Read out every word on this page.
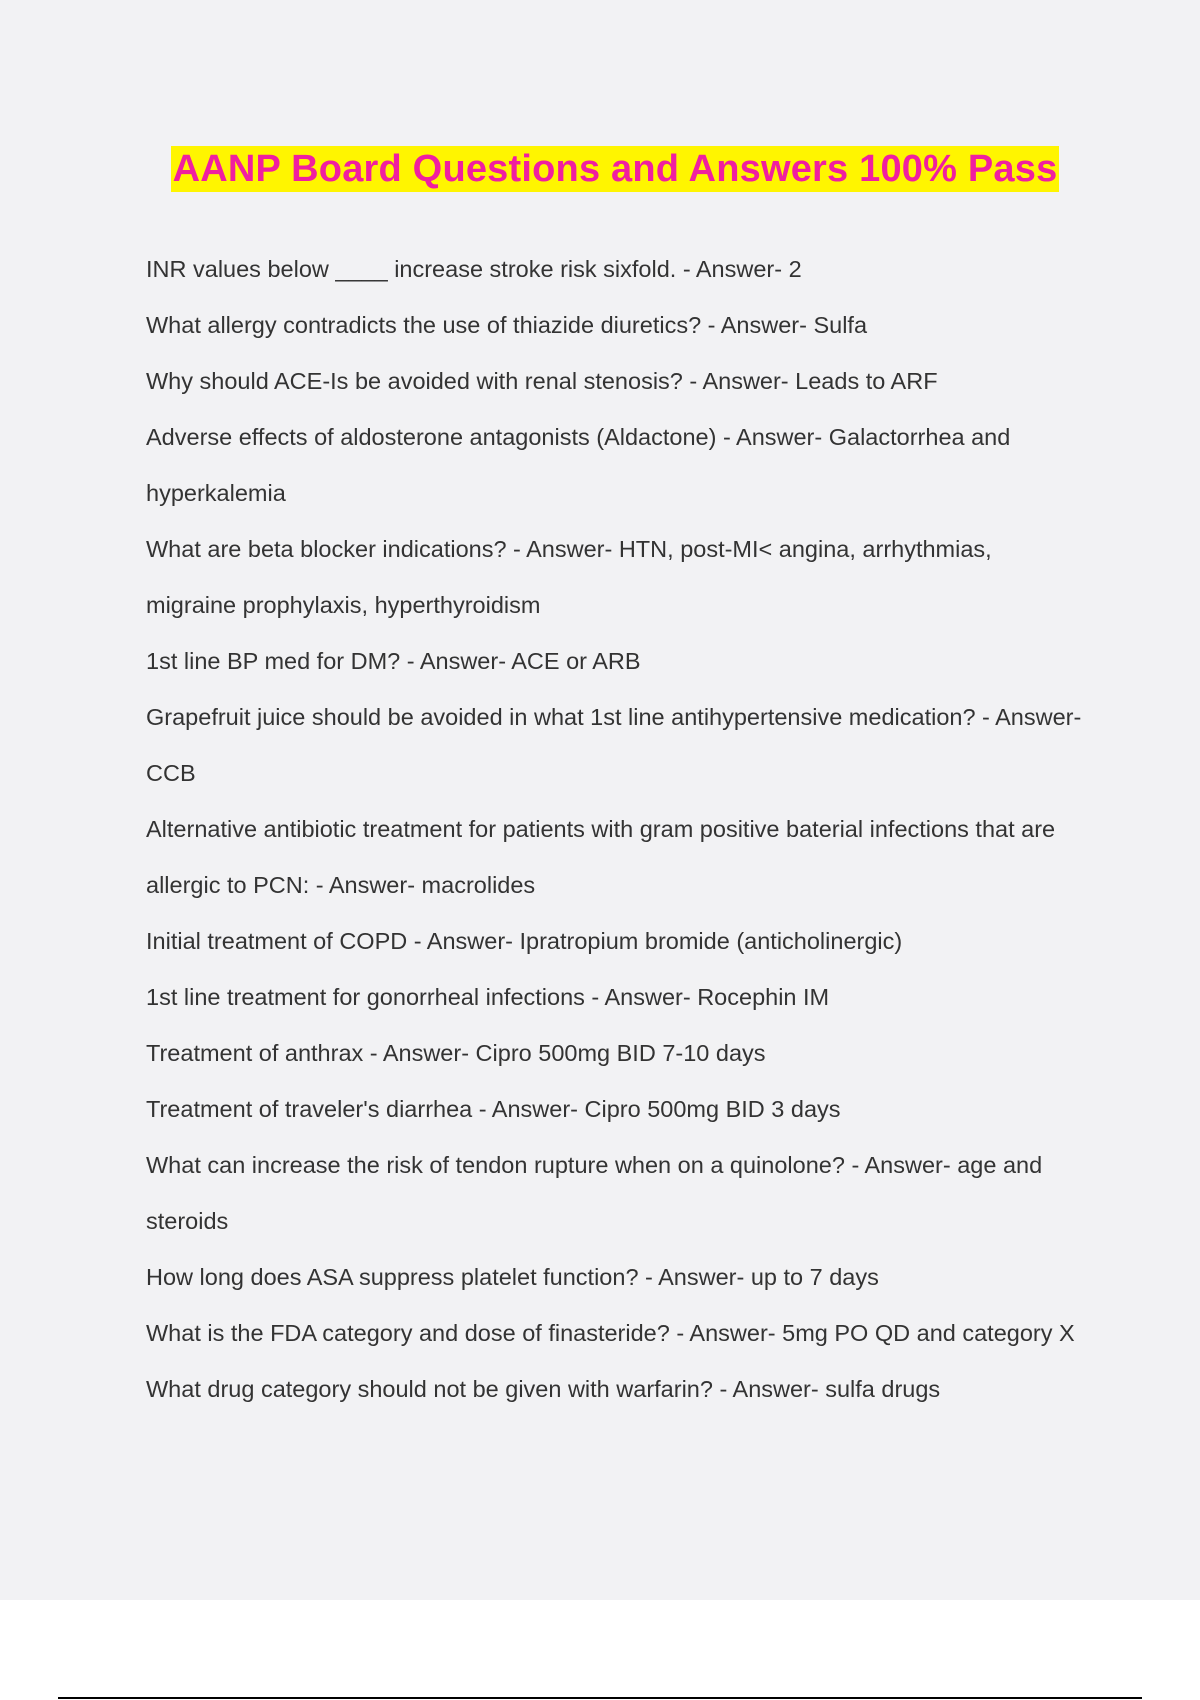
AANP Board Questions and Answers 100% Pass
INR values below ____ increase stroke risk sixfold. - Answer- 2
What allergy contradicts the use of thiazide diuretics? - Answer- Sulfa
Why should ACE-Is be avoided with renal stenosis? - Answer- Leads to ARF
Adverse effects of aldosterone antagonists (Aldactone) - Answer- Galactorrhea and hyperkalemia
What are beta blocker indications? - Answer- HTN, post-MI< angina, arrhythmias, migraine prophylaxis, hyperthyroidism
1st line BP med for DM? - Answer- ACE or ARB
Grapefruit juice should be avoided in what 1st line antihypertensive medication? - Answer- CCB
Alternative antibiotic treatment for patients with gram positive baterial infections that are allergic to PCN: - Answer- macrolides
Initial treatment of COPD - Answer- Ipratropium bromide (anticholinergic)
1st line treatment for gonorrheal infections - Answer- Rocephin IM
Treatment of anthrax - Answer- Cipro 500mg BID 7-10 days
Treatment of traveler's diarrhea - Answer- Cipro 500mg BID 3 days
What can increase the risk of tendon rupture when on a quinolone? - Answer- age and steroids
How long does ASA suppress platelet function? - Answer- up to 7 days
What is the FDA category and dose of finasteride? - Answer- 5mg PO QD and category X
What drug category should not be given with warfarin? - Answer- sulfa drugs
